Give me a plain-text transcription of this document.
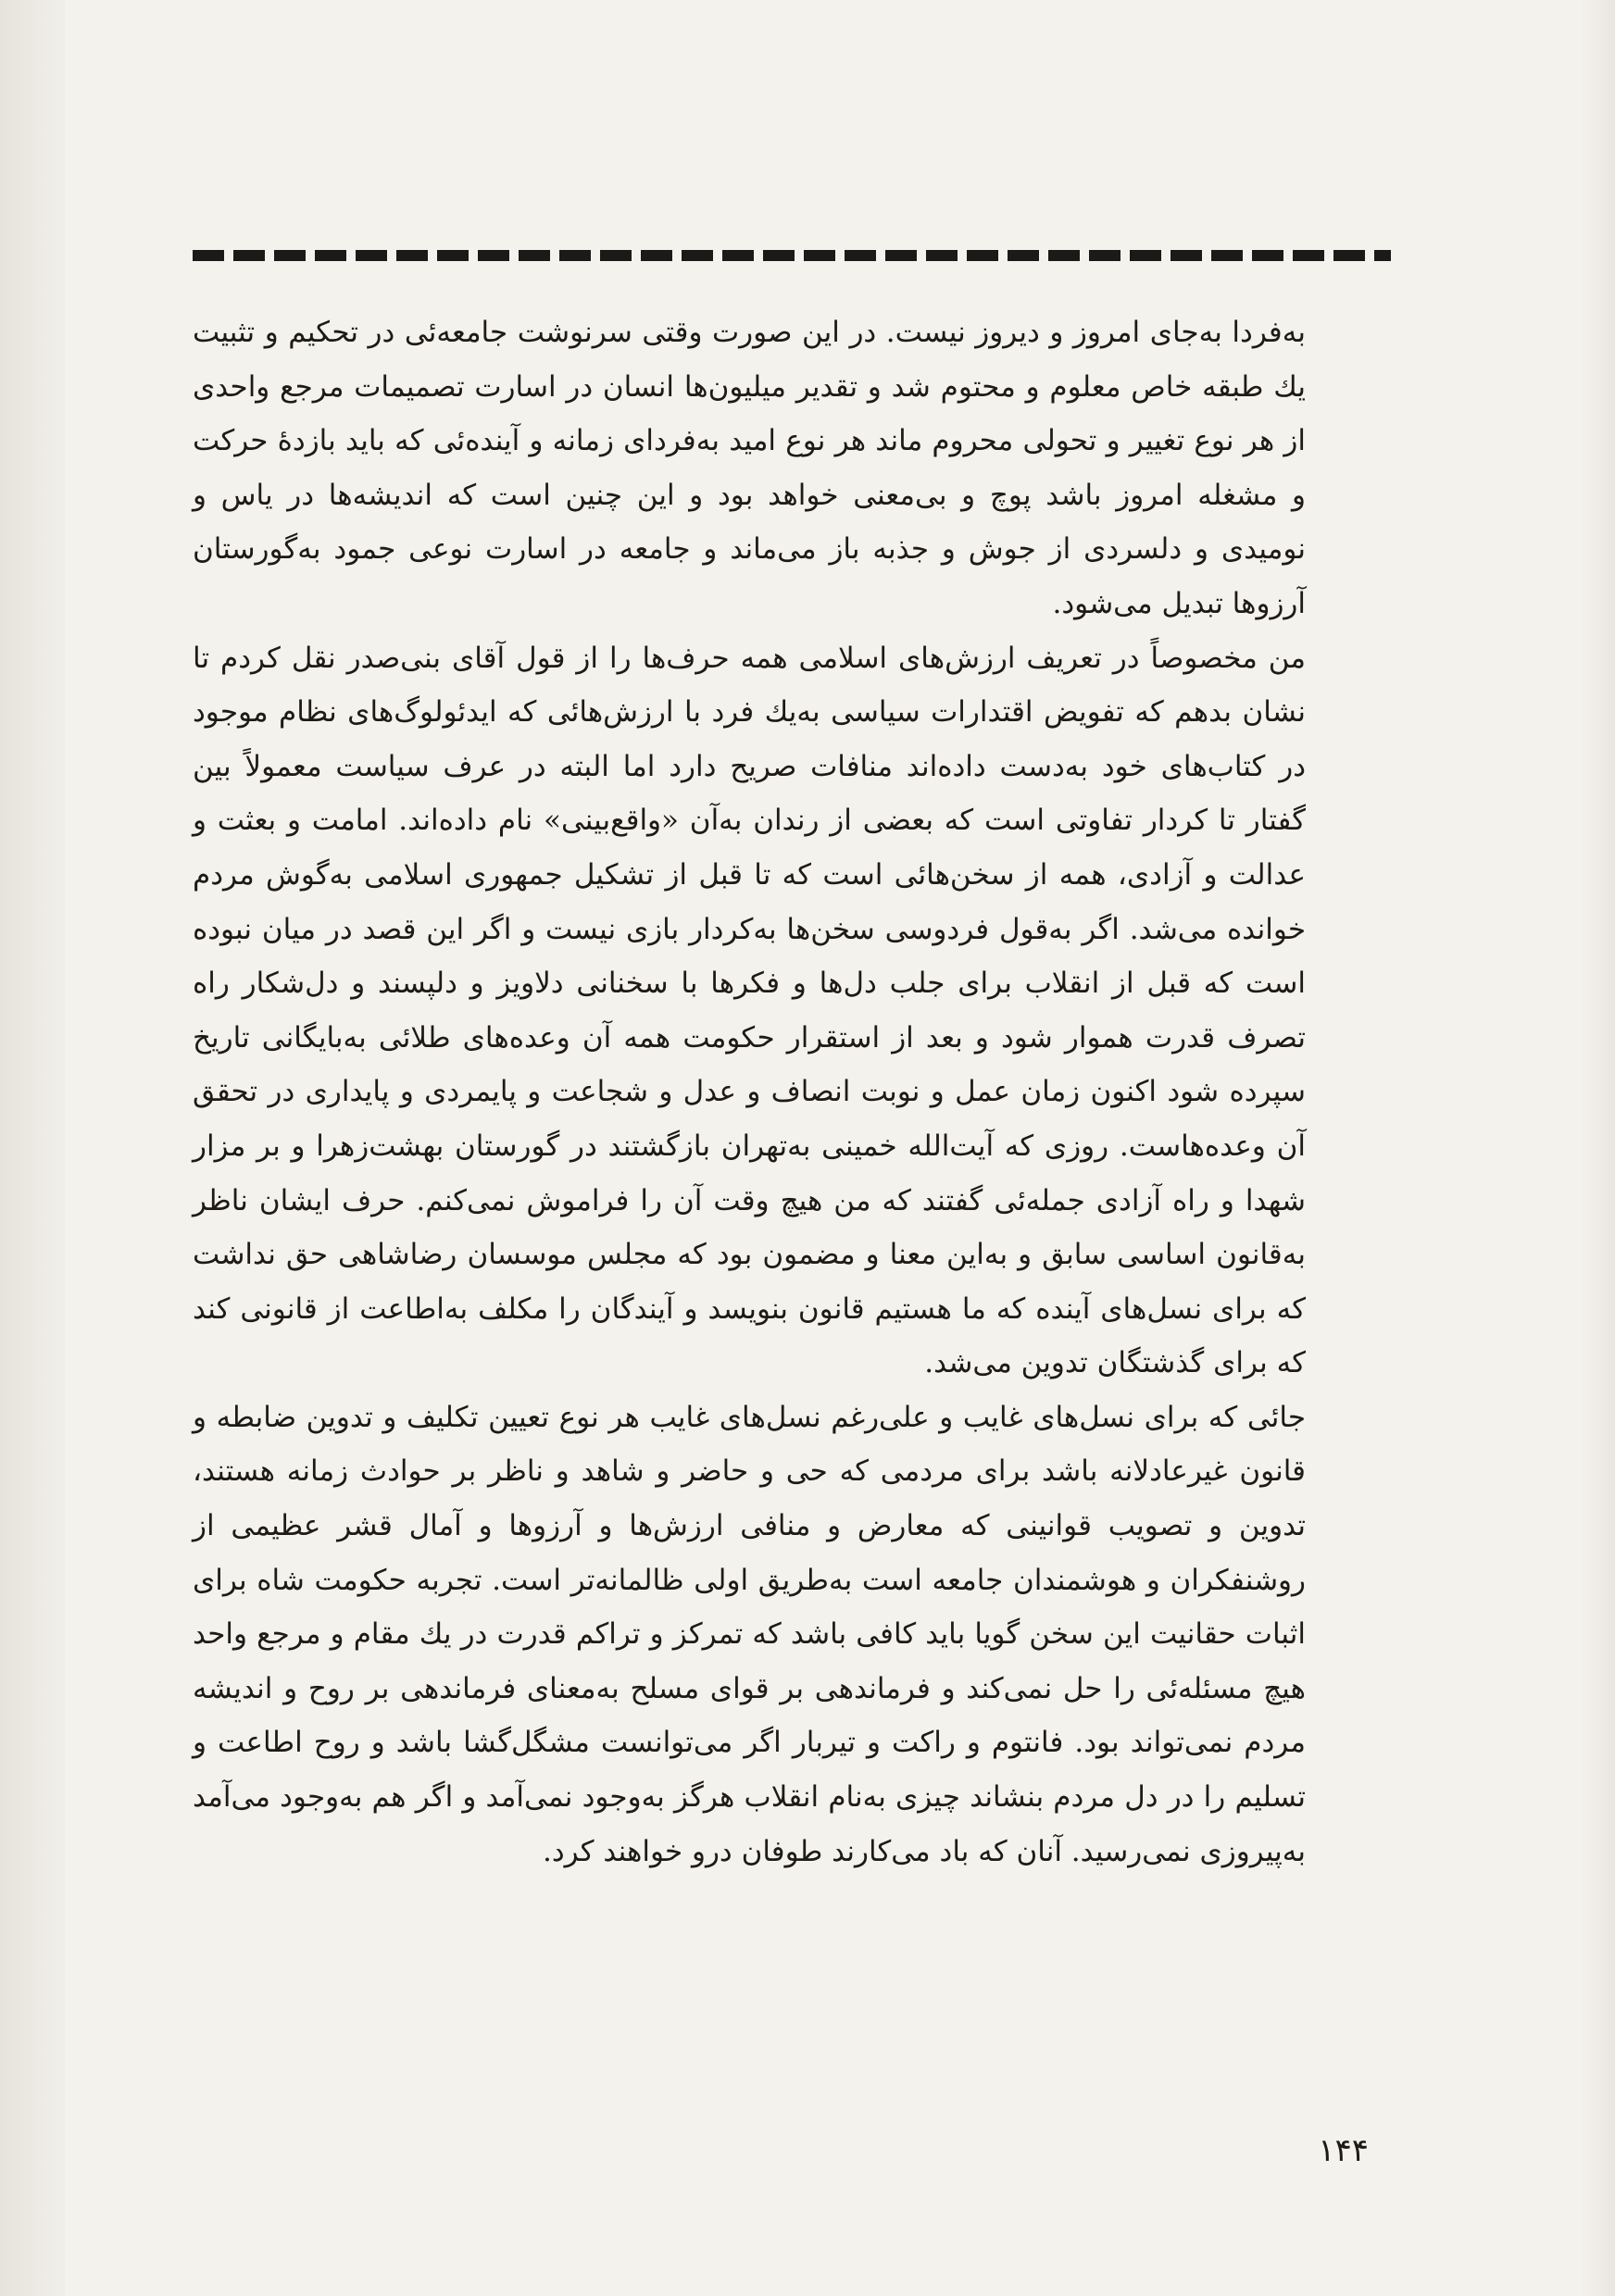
به‌فردا به‌جای امروز و دیروز نیست. در این صورت وقتی سرنوشت جامعه‌ئی در تحکیم و تثبیت یك طبقه خاص معلوم و محتوم شد و تقدیر میلیون‌ها انسان در اسارت تصمیمات مرجع واحدی از هر نوع تغییر و تحولی محروم ماند هر نوع امید به‌فردای زمانه و آینده‌ئی که باید بازدهٔ حرکت و مشغله امروز باشد پوچ و بی‌معنی خواهد بود و این چنین است که اندیشه‌ها در یاس و نومیدی و دلسردی از جوش و جذبه باز می‌ماند و جامعه در اسارت نوعی جمود به‌گورستان آرزوها تبدیل می‌شود.

من مخصوصاً در تعریف ارزش‌های اسلامی همه حرف‌ها را از قول آقای بنی‌صدر نقل کردم تا نشان بدهم که تفویض اقتدارات سیاسی به‌یك فرد با ارزش‌هائی که ایدئولوگ‌های نظام موجود در کتاب‌های خود به‌دست داده‌اند منافات صریح دارد اما البته در عرف سیاست معمولاً بین گفتار تا کردار تفاوتی است که بعضی از رندان به‌آن «واقع‌بینی» نام داده‌اند. امامت و بعثت و عدالت و آزادی، همه از سخن‌هائی است که تا قبل از تشکیل جمهوری اسلامی به‌گوش مردم خوانده می‌شد. اگر به‌قول فردوسی سخن‌ها به‌کردار بازی نیست و اگر این قصد در میان نبوده است که قبل از انقلاب برای جلب دل‌ها و فکرها با سخنانی دلاویز و دلپسند و دل‌شکار راه تصرف قدرت هموار شود و بعد از استقرار حکومت همه آن وعده‌های طلائی به‌بایگانی تاریخ سپرده شود اکنون زمان عمل و نوبت انصاف و عدل و شجاعت و پایمردی و پایداری در تحقق آن وعده‌هاست. روزی که آیت‌الله خمینی به‌تهران بازگشتند در گورستان بهشت‌زهرا و بر مزار شهدا و راه آزادی جمله‌ئی گفتند که من هیچ وقت آن را فراموش نمی‌کنم. حرف ایشان ناظر به‌قانون اساسی سابق و به‌این معنا و مضمون بود که مجلس موسسان رضاشاهی حق نداشت که برای نسل‌های آینده که ما هستیم قانون بنویسد و آیندگان را مکلف به‌اطاعت از قانونی کند که برای گذشتگان تدوین می‌شد.

جائی که برای نسل‌های غایب و علی‌رغم نسل‌های غایب هر نوع تعیین تکلیف و تدوین ضابطه و قانون غیرعادلانه باشد برای مردمی که حی و حاضر و شاهد و ناظر بر حوادث زمانه هستند، تدوین و تصویب قوانینی که معارض و منافی ارزش‌ها و آرزوها و آمال قشر عظیمی از روشنفکران و هوشمندان جامعه است به‌طریق اولی ظالمانه‌تر است. تجربه حکومت شاه برای اثبات حقانیت این سخن گویا باید کافی باشد که تمرکز و تراکم قدرت در یك مقام و مرجع واحد هیچ مسئله‌ئی را حل نمی‌کند و فرماندهی بر قوای مسلح به‌معنای فرماندهی بر روح و اندیشه مردم نمی‌تواند بود. فانتوم و راکت و تیربار اگر می‌توانست مشگل‌گشا باشد و روح اطاعت و تسلیم را در دل مردم بنشاند چیزی به‌نام انقلاب هرگز به‌وجود نمی‌آمد و اگر هم به‌وجود می‌آمد به‌پیروزی نمی‌رسید. آنان که باد می‌کارند طوفان درو خواهند کرد.

۱۴۴
